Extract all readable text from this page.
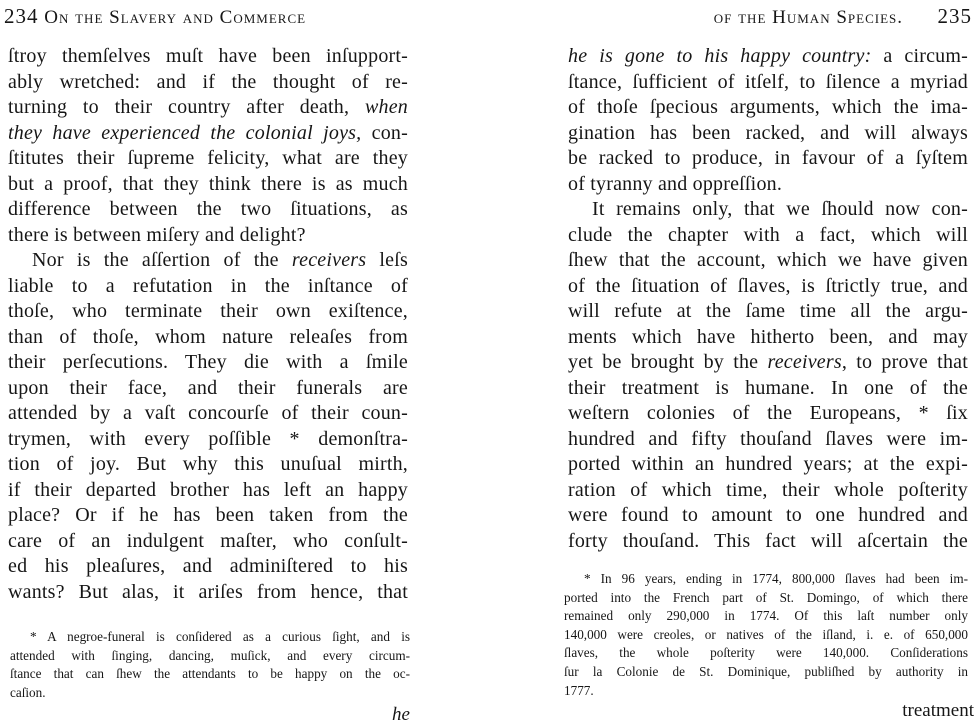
234 On the Slavery and Commerce
ſtroy themſelves muſt have been inſupport-
ably wretched: and if the thought of re-
turning to their country after death, when
they have experienced the colonial joys, con-
ſtitutes their ſupreme felicity, what are they
but a proof, that they think there is as much
difference between the two ſituations, as
there is between miſery and delight?
Nor is the aſſertion of the receivers leſs
liable to a refutation in the inſtance of
thoſe, who terminate their own exiſtence,
than of thoſe, whom nature releaſes from
their perſecutions. They die with a ſmile
upon their face, and their funerals are
attended by a vaſt concourſe of their coun-
trymen, with every poſſible * demonſtra-
tion of joy. But why this unuſual mirth,
if their departed brother has left an happy
place? Or if he has been taken from the
care of an indulgent maſter, who conſult-
ed his pleaſures, and adminiſtered to his
wants? But alas, it ariſes from hence, that
* A negroe-funeral is conſidered as a curious ſight, and is
attended with ſinging, dancing, muſick, and every circum-
ſtance that can ſhew the attendants to be happy on the oc-
caſion.
he
of the Human Species. 235
he is gone to his happy country: a circum-
ſtance, ſufficient of itſelf, to ſilence a myriad
of thoſe ſpecious arguments, which the ima-
gination has been racked, and will always
be racked to produce, in favour of a ſyſtem
of tyranny and oppreſſion.
It remains only, that we ſhould now con-
clude the chapter with a fact, which will
ſhew that the account, which we have given
of the ſituation of ſlaves, is ſtrictly true, and
will refute at the ſame time all the argu-
ments which have hitherto been, and may
yet be brought by the receivers, to prove that
their treatment is humane. In one of the
weſtern colonies of the Europeans, * ſix
hundred and fifty thouſand ſlaves were im-
ported within an hundred years; at the expi-
ration of which time, their whole poſterity
were found to amount to one hundred and
forty thouſand. This fact will aſcertain the
* In 96 years, ending in 1774, 800,000 ſlaves had been im-
ported into the French part of St. Domingo, of which there
remained only 290,000 in 1774. Of this laſt number only
140,000 were creoles, or natives of the iſland, i. e. of 650,000
ſlaves, the whole poſterity were 140,000. Conſiderations
ſur la Colonie de St. Dominique, publiſhed by authority in
1777.
treatment
